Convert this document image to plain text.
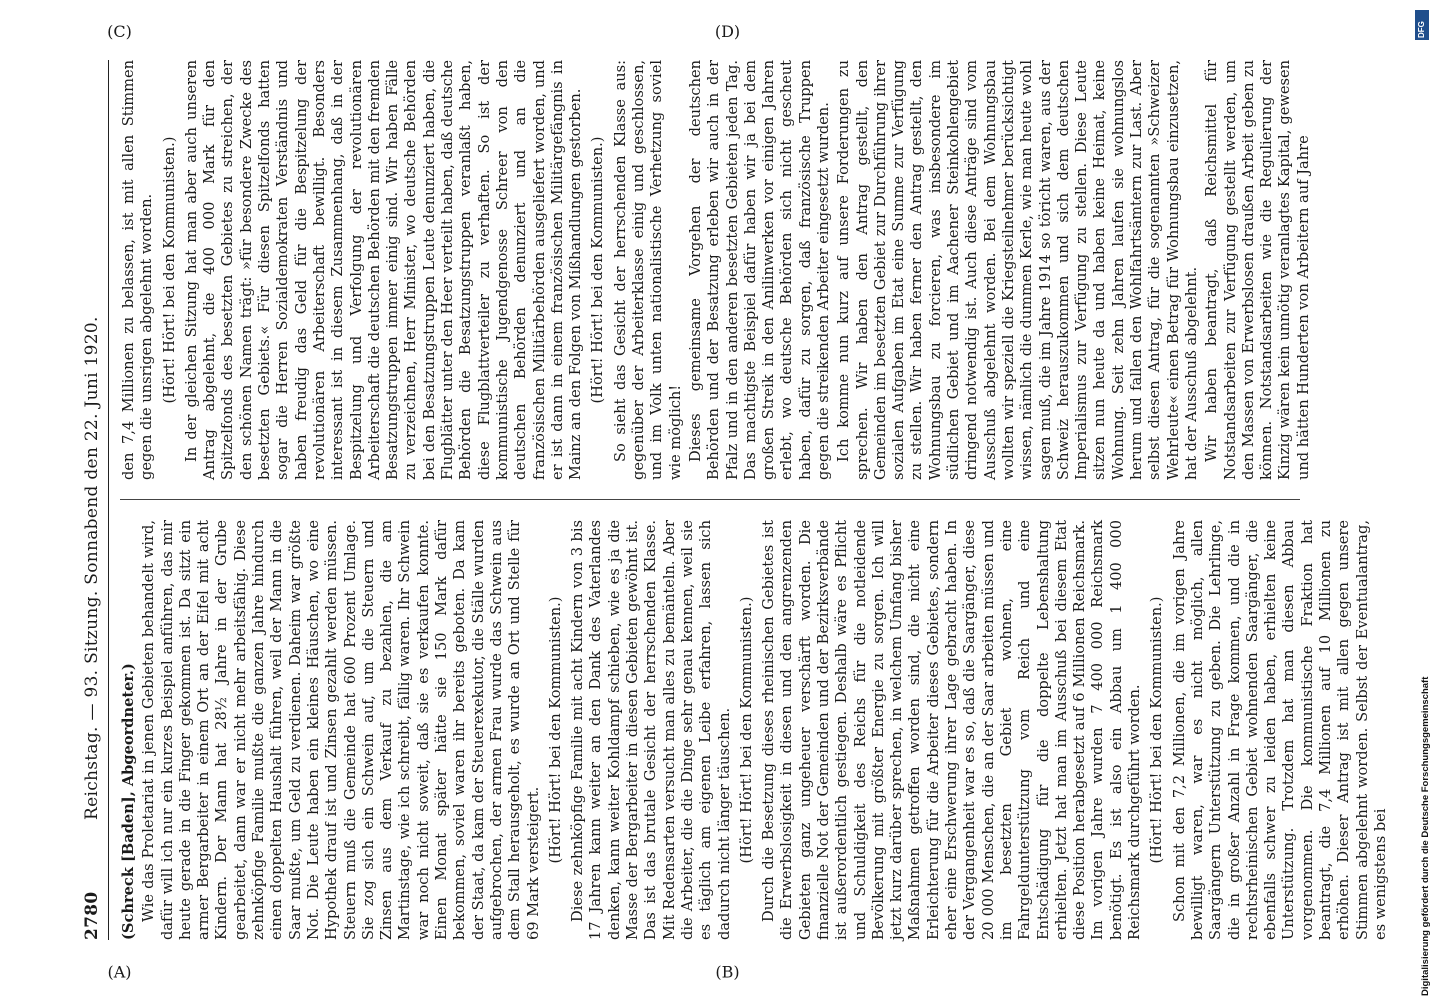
2780
Reichstag. — 93. Sitzung. Sonnabend den 22. Juni 1920.
(A)	(B)
(C)	(D)

(Schreck [Baden], Abgeordneter.) Wie das Proletariat in jenen Gebieten behandelt wird, dafür will ich nur ein kurzes Beispiel anführen, das mir heute gerade in die Finger gekommen ist. Da sitzt ein armer Bergarbeiter in einem Ort an der Eifel mit acht Kindern. Der Mann hat 28½ Jahre in der Grube gearbeitet, dann war er nicht mehr arbeitsfähig. Diese zehnköpfige Familie mußte die ganzen Jahre hindurch einen doppelten Haushalt führen, weil der Mann in die Saar mußte, um Geld zu verdienen. Daheim war größte Not. Die Leute haben ein kleines Häuschen, wo eine Hypothek drauf ist und Zinsen gezahlt werden müssen. Steuern muß die Gemeinde hat 600 Prozent Umlage. Sie zog sich ein Schwein auf, um die Steuern und Zinsen aus dem Verkauf zu bezahlen, die am Martinstage, wie ich schreibt, fällig waren. Ihr Schwein war noch nicht soweit, daß sie es verkaufen konnte. Einen Monat später hätte sie 150 Mark dafür bekommen, soviel waren ihr bereits geboten. Da kam der Staat, da kam der Steuerexekutor, die Ställe wurden aufgebrochen, der armen Frau wurde das Schwein aus dem Stall herausgeholt, es wurde an Ort und Stelle für 69 Mark versteigert. (Hört! Hört! bei den Kommunisten.) Diese zehnköpfige Familie mit acht Kindern von 3 bis 17 Jahren kann weiter an den Dank des Vaterlandes denken, kann weiter Kohldampf schieben, wie es ja die Masse der Bergarbeiter in diesen Gebieten gewöhnt ist. Das ist das brutale Gesicht der herrschenden Klasse. Mit Redensarten versucht man alles zu bemänteln. Aber die Arbeiter, die die Dinge sehr genau kennen, weil sie es täglich am eigenen Leibe erfahren, lassen sich dadurch nicht länger täuschen. (Hört! Hört! bei den Kommunisten.) Durch die Besetzung dieses rheinischen Gebietes ist die Erwerbslosigkeit in diesen und den angrenzenden Gebieten ganz ungeheuer verschärft worden. Die finanzielle Not der Gemeinden und der Bezirksverbände ist außerordentlich gestiegen. Deshalb wäre es Pflicht und Schuldigkeit des Reichs für die notleidende Bevölkerung mit größter Energie zu sorgen. Ich will jetzt kurz darüber sprechen, in welchem Umfang bisher Maßnahmen getroffen worden sind, die nicht eine Erleichterung für die Arbeiter dieses Gebietes, sondern eher eine Erschwerung ihrer Lage gebracht haben. In der Vergangenheit war es so, daß die Saargänger, diese 20 000 Menschen, die an der Saar arbeiten müssen und im besetzten Gebiet wohnen, eine Fahrgeldunterstützung vom Reich und eine Entschädigung für die doppelte Lebenshaltung erhielten. Jetzt hat man im Ausschuß bei diesem Etat diese Position herabgesetzt auf 6 Millionen Reichsmark. Im vorigen Jahre wurden 7 400 000 Reichsmark benötigt. Es ist also ein Abbau um 1 400 000 Reichsmark durchgeführt worden. (Hört! Hört! bei den Kommunisten.) Schon mit den 7,2 Millionen, die im vorigen Jahre bewilligt waren, war es nicht möglich, allen Saargängern Unterstützung zu geben. Die Lehrlinge, die in großer Anzahl in Frage kommen, und die in rechtsrheinischen Gebiet wohnenden Saargänger, die ebenfalls schwer zu leiden haben, erhielten keine Unterstützung. Trotzdem hat man diesen Abbau vorgenommen. Die kommunistische Fraktion hat beantragt, die 7,4 Millionen auf 10 Millionen zu erhöhen. Dieser Antrag ist mit allen gegen unsere Stimmen abgelehnt worden. Selbst der Eventualantrag, es wenigstens bei

den 7,4 Millionen zu belassen, ist mit allen Stimmen gegen die unsrigen abgelehnt worden. (Hört! Hört! bei den Kommunisten.) In der gleichen Sitzung hat man aber auch unseren Antrag abgelehnt, die 400 000 Mark für den Spitzelfonds des besetzten Gebietes zu streichen, der den schönen Namen trägt: »für besondere Zwecke des besetzten Gebiets.« Für diesen Spitzelfonds hatten sogar die Herren Sozialdemokraten Verständnis und haben freudig das Geld für die Bespitzelung der revolutionären Arbeiterschaft bewilligt. Besonders interessant ist in diesem Zusammenhang, daß in der Bespitzelung und Verfolgung der revolutionären Arbeiterschaft die deutschen Behörden mit den fremden Besatzungstruppen immer einig sind. Wir haben Fälle zu verzeichnen, Herr Minister, wo deutsche Behörden bei den Besatzungstruppen Leute denunziert haben, die Flugblätter unter den Heer verteilt haben, daß deutsche Behörden die Besatzungstruppen veranlaßt haben, diese Flugblattverteiler zu verhaften. So ist der kommunistische Jugendgenosse Schreer von den deutschen Behörden denunziert und an die französischen Militärbehörden ausgeliefert worden, und er ist dann in einem französischen Militärgefängnis in Mainz an den Folgen von Mißhandlungen gestorben. (Hört! Hört! bei den Kommunisten.) So sieht das Gesicht der herrschenden Klasse aus: gegenüber der Arbeiterklasse einig und geschlossen, und im Volk unten nationalistische Verhetzung soviel wie möglich! Dieses gemeinsame Vorgehen der deutschen Behörden und der Besatzung erleben wir auch in der Pfalz und in den anderen besetzten Gebieten jeden Tag. Das machtigste Beispiel dafür haben wir ja bei dem großen Streik in den Anilinwerken vor einigen Jahren erlebt, wo deutsche Behörden sich nicht gescheut haben, dafür zu sorgen, daß französische Truppen gegen die streikenden Arbeiter eingesetzt wurden. Ich komme nun kurz auf unsere Forderungen zu sprechen. Wir haben den Antrag gestellt, den Gemeinden im besetzten Gebiet zur Durchführung ihrer sozialen Aufgaben im Etat eine Summe zur Verfügung zu stellen. Wir haben ferner den Antrag gestellt, den Wohnungsbau zu forcieren, was insbesondere im südlichen Gebiet und im Aachener Steinkohlengebiet dringend notwendig ist. Auch diese Anträge sind vom Ausschuß abgelehnt worden. Bei dem Wohnungsbau wollten wir speziell die Kriegsteilnehmer berücksichtigt wissen, nämlich die dummen Kerle, wie man heute wohl sagen muß, die im Jahre 1914 so töricht waren, aus der Schweiz herauszukommen und sich dem deutschen Imperialismus zur Verfügung zu stellen. Diese Leute sitzen nun heute da und haben keine Heimat, keine Wohnung. Seit zehn Jahren laufen sie wohnungslos herum und fallen den Wohlfahrtsämtern zur Last. Aber selbst diesen Antrag, für die sogenannten »Schweizer Wehrleute« einen Betrag für Wohnungsbau einzusetzen, hat der Ausschuß abgelehnt. Wir haben beantragt, daß Reichsmittel für Notstandsarbeiten zur Verfügung gestellt werden, um den Massen von Erwerbslosen draußen Arbeit geben zu können. Notstandsarbeiten wie die Regulierung der Kinzig wären kein unnötig veranlagtes Kapital, gewesen und hätten Hunderten von Arbeitern auf Jahre

Digitalisierung gefördert durch die Deutsche Forschungsgemeinschaft
DFG
